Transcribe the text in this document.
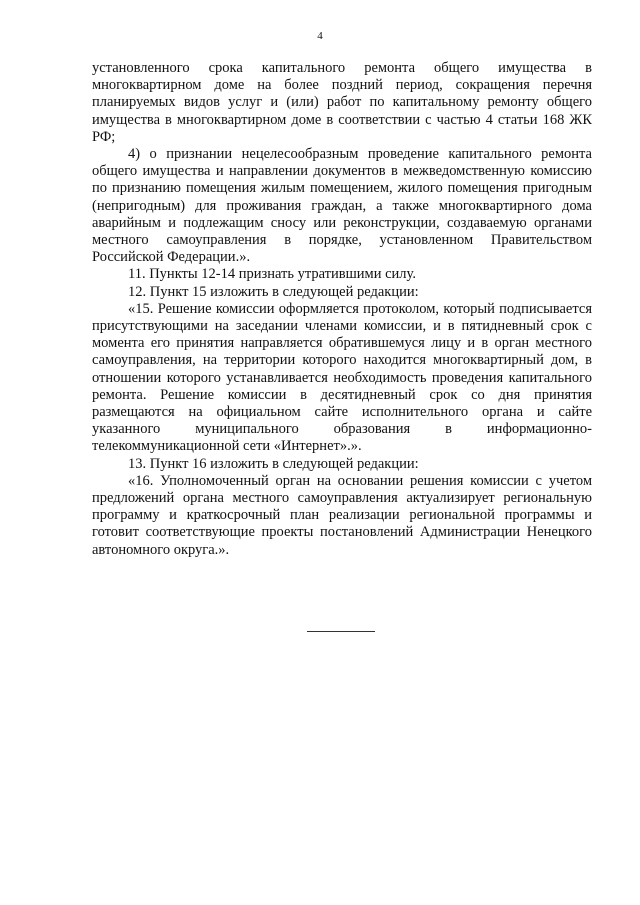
4

установленного срока капитального ремонта общего имущества в многоквартирном доме на более поздний период, сокращения перечня планируемых видов услуг и (или) работ по капитальному ремонту общего имущества в многоквартирном доме в соответствии с частью 4 статьи 168 ЖК РФ;

4) о признании нецелесообразным проведение капитального ремонта общего имущества и направлении документов в межведомственную комиссию по признанию помещения жилым помещением, жилого помещения пригодным (непригодным) для проживания граждан, а также многоквартирного дома аварийным и подлежащим сносу или реконструкции, создаваемую органами местного самоуправления в порядке, установленном Правительством Российской Федерации.».

11. Пункты 12-14 признать утратившими силу.

12. Пункт 15 изложить в следующей редакции:

«15. Решение комиссии оформляется протоколом, который подписывается присутствующими на заседании членами комиссии, и в пятидневный срок с момента его принятия направляется обратившемуся лицу и в орган местного самоуправления, на территории которого находится многоквартирный дом, в отношении которого устанавливается необходимость проведения капитального ремонта. Решение комиссии в десятидневный срок со дня принятия размещаются на официальном сайте исполнительного органа и сайте указанного муниципального образования в информационно-телекоммуникационной сети «Интернет».».

13. Пункт 16 изложить в следующей редакции:

«16. Уполномоченный орган на основании решения комиссии с учетом предложений органа местного самоуправления актуализирует региональную программу и краткосрочный план реализации региональной программы и готовит соответствующие проекты постановлений Администрации Ненецкого автономного округа.».
